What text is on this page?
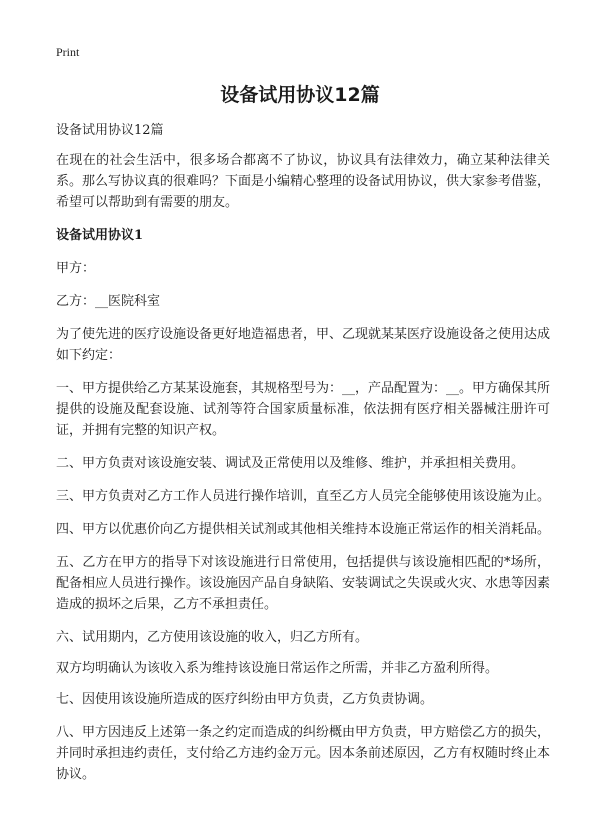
Print
设备试用协议12篇

设备试用协议12篇

在现在的社会生活中，很多场合都离不了协议，协议具有法律效力，确立某种法律关系。那么写协议真的很难吗？下面是小编精心整理的设备试用协议，供大家参考借鉴，希望可以帮助到有需要的朋友。

设备试用协议1

甲方：

乙方：__医院科室

为了使先进的医疗设施设备更好地造福患者，甲、乙现就某某医疗设施设备之使用达成如下约定：

一、甲方提供给乙方某某设施套，其规格型号为：__，产品配置为：__。甲方确保其所提供的设施及配套设施、试剂等符合国家质量标准，依法拥有医疗相关器械注册许可证，并拥有完整的知识产权。

二、甲方负责对该设施安装、调试及正常使用以及维修、维护，并承担相关费用。

三、甲方负责对乙方工作人员进行操作培训，直至乙方人员完全能够使用该设施为止。

四、甲方以优惠价向乙方提供相关试剂或其他相关维持本设施正常运作的相关消耗品。

五、乙方在甲方的指导下对该设施进行日常使用，包括提供与该设施相匹配的*场所，配备相应人员进行操作。该设施因产品自身缺陷、安装调试之失误或火灾、水患等因素造成的损坏之后果，乙方不承担责任。

六、试用期内，乙方使用该设施的收入，归乙方所有。

双方均明确认为该收入系为维持该设施日常运作之所需，并非乙方盈利所得。

七、因使用该设施所造成的医疗纠纷由甲方负责，乙方负责协调。

八、甲方因违反上述第一条之约定而造成的纠纷概由甲方负责，甲方赔偿乙方的损失，并同时承担违约责任，支付给乙方违约金万元。因本条前述原因，乙方有权随时终止本协议。
